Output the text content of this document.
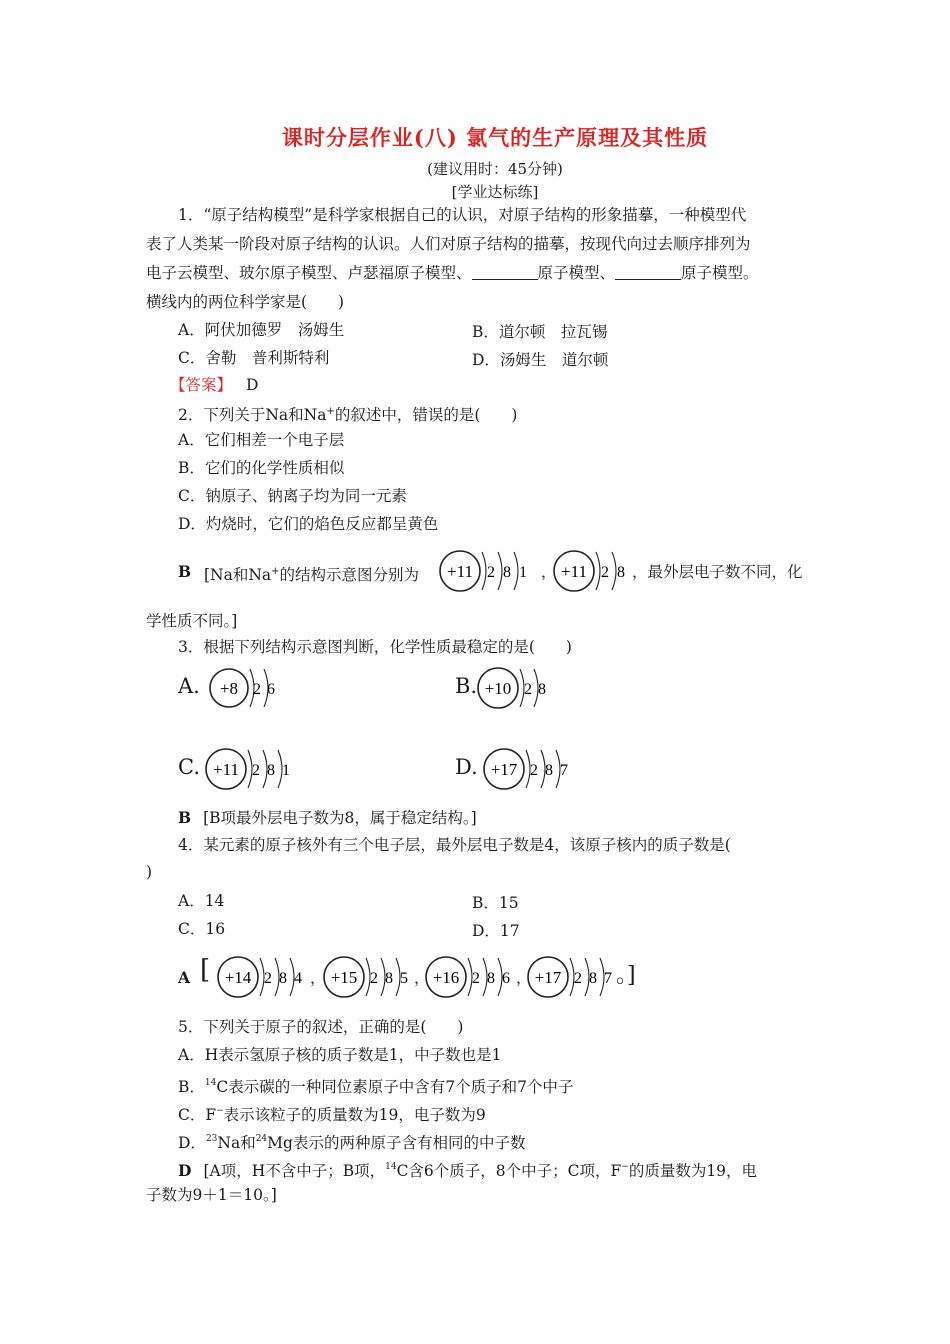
课时分层作业(八) 氯气的生产原理及其性质
(建议用时：45分钟)
[学业达标练]
1．“原子结构模型”是科学家根据自己的认识，对原子结构的形象描摹，一种模型代
表了人类某一阶段对原子结构的认识。人们对原子结构的描摹，按现代向过去顺序排列为
电子云模型、玻尔原子模型、卢瑟福原子模型、	原子模型、	原子模型。
横线内的两位科学家是(　　)
A．阿伏加德罗　汤姆生	B．道尔顿　拉瓦锡
C．舍勒　普利斯特利	D．汤姆生　道尔顿
【答案】 D
2．下列关于Na和Na+的叙述中，错误的是(　　)
A．它们相差一个电子层
B．它们的化学性质相似
C．钠原子、钠离子均为同一元素
D．灼烧时，它们的焰色反应都呈黄色
B [Na和Na+的结构示意图分别为 +11 2 8 1 ， +11 2 8 ，最外层电子数不同，化
学性质不同。]
3．根据下列结构示意图判断，化学性质最稳定的是(　　)
A. +8 2 6	B. +10 2 8
C. +11 2 8 1	D. +17 2 8 7
B [B项最外层电子数为8，属于稳定结构。]
4．某元素的原子核外有三个电子层，最外层电子数是4，该原子核内的质子数是(
)
A．14	B．15
C．16	D．17
A [ +14 2 8 4 ， +15 2 8 5 ， +16 2 8 6 ， +17 2 8 7 。]
5．下列关于原子的叙述，正确的是(　　)
A．H表示氢原子核的质子数是1，中子数也是1
B．$^{14}$C表示碳的一种同位素原子中含有7个质子和7个中子
C．F−表示该粒子的质量数为19，电子数为9
D．$^{23}$Na和$^{24}$Mg表示的两种原子含有相同的中子数
D [A项，H不含中子；B项，$^{14}$C含6个质子，8个中子；C项，F−的质量数为19，电
子数为9＋1＝10。]
